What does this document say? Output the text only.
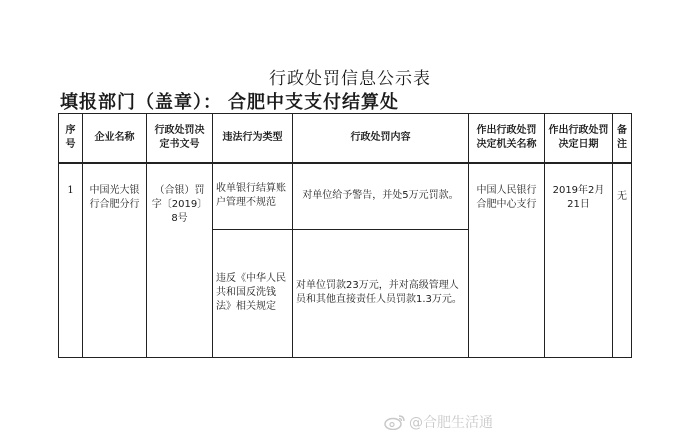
行政处罚信息公示表
填报部门（盖章）： 合肥中支支付结算处
序号	企业名称	行政处罚决定书文号	违法行为类型	行政处罚内容	作出行政处罚决定机关名称	作出行政处罚决定日期	备注
1	中国光大银行合肥分行	（合银）罚字〔2019〕8号	收单银行结算账户管理不规范	对单位给予警告，并处5万元罚款。	中国人民银行合肥中心支行	2019年2月21日	无
			违反《中华人民共和国反洗钱法》相关规定	对单位罚款23万元，并对高级管理人员和其他直接责任人员罚款1.3万元。			
@合肥生活通
